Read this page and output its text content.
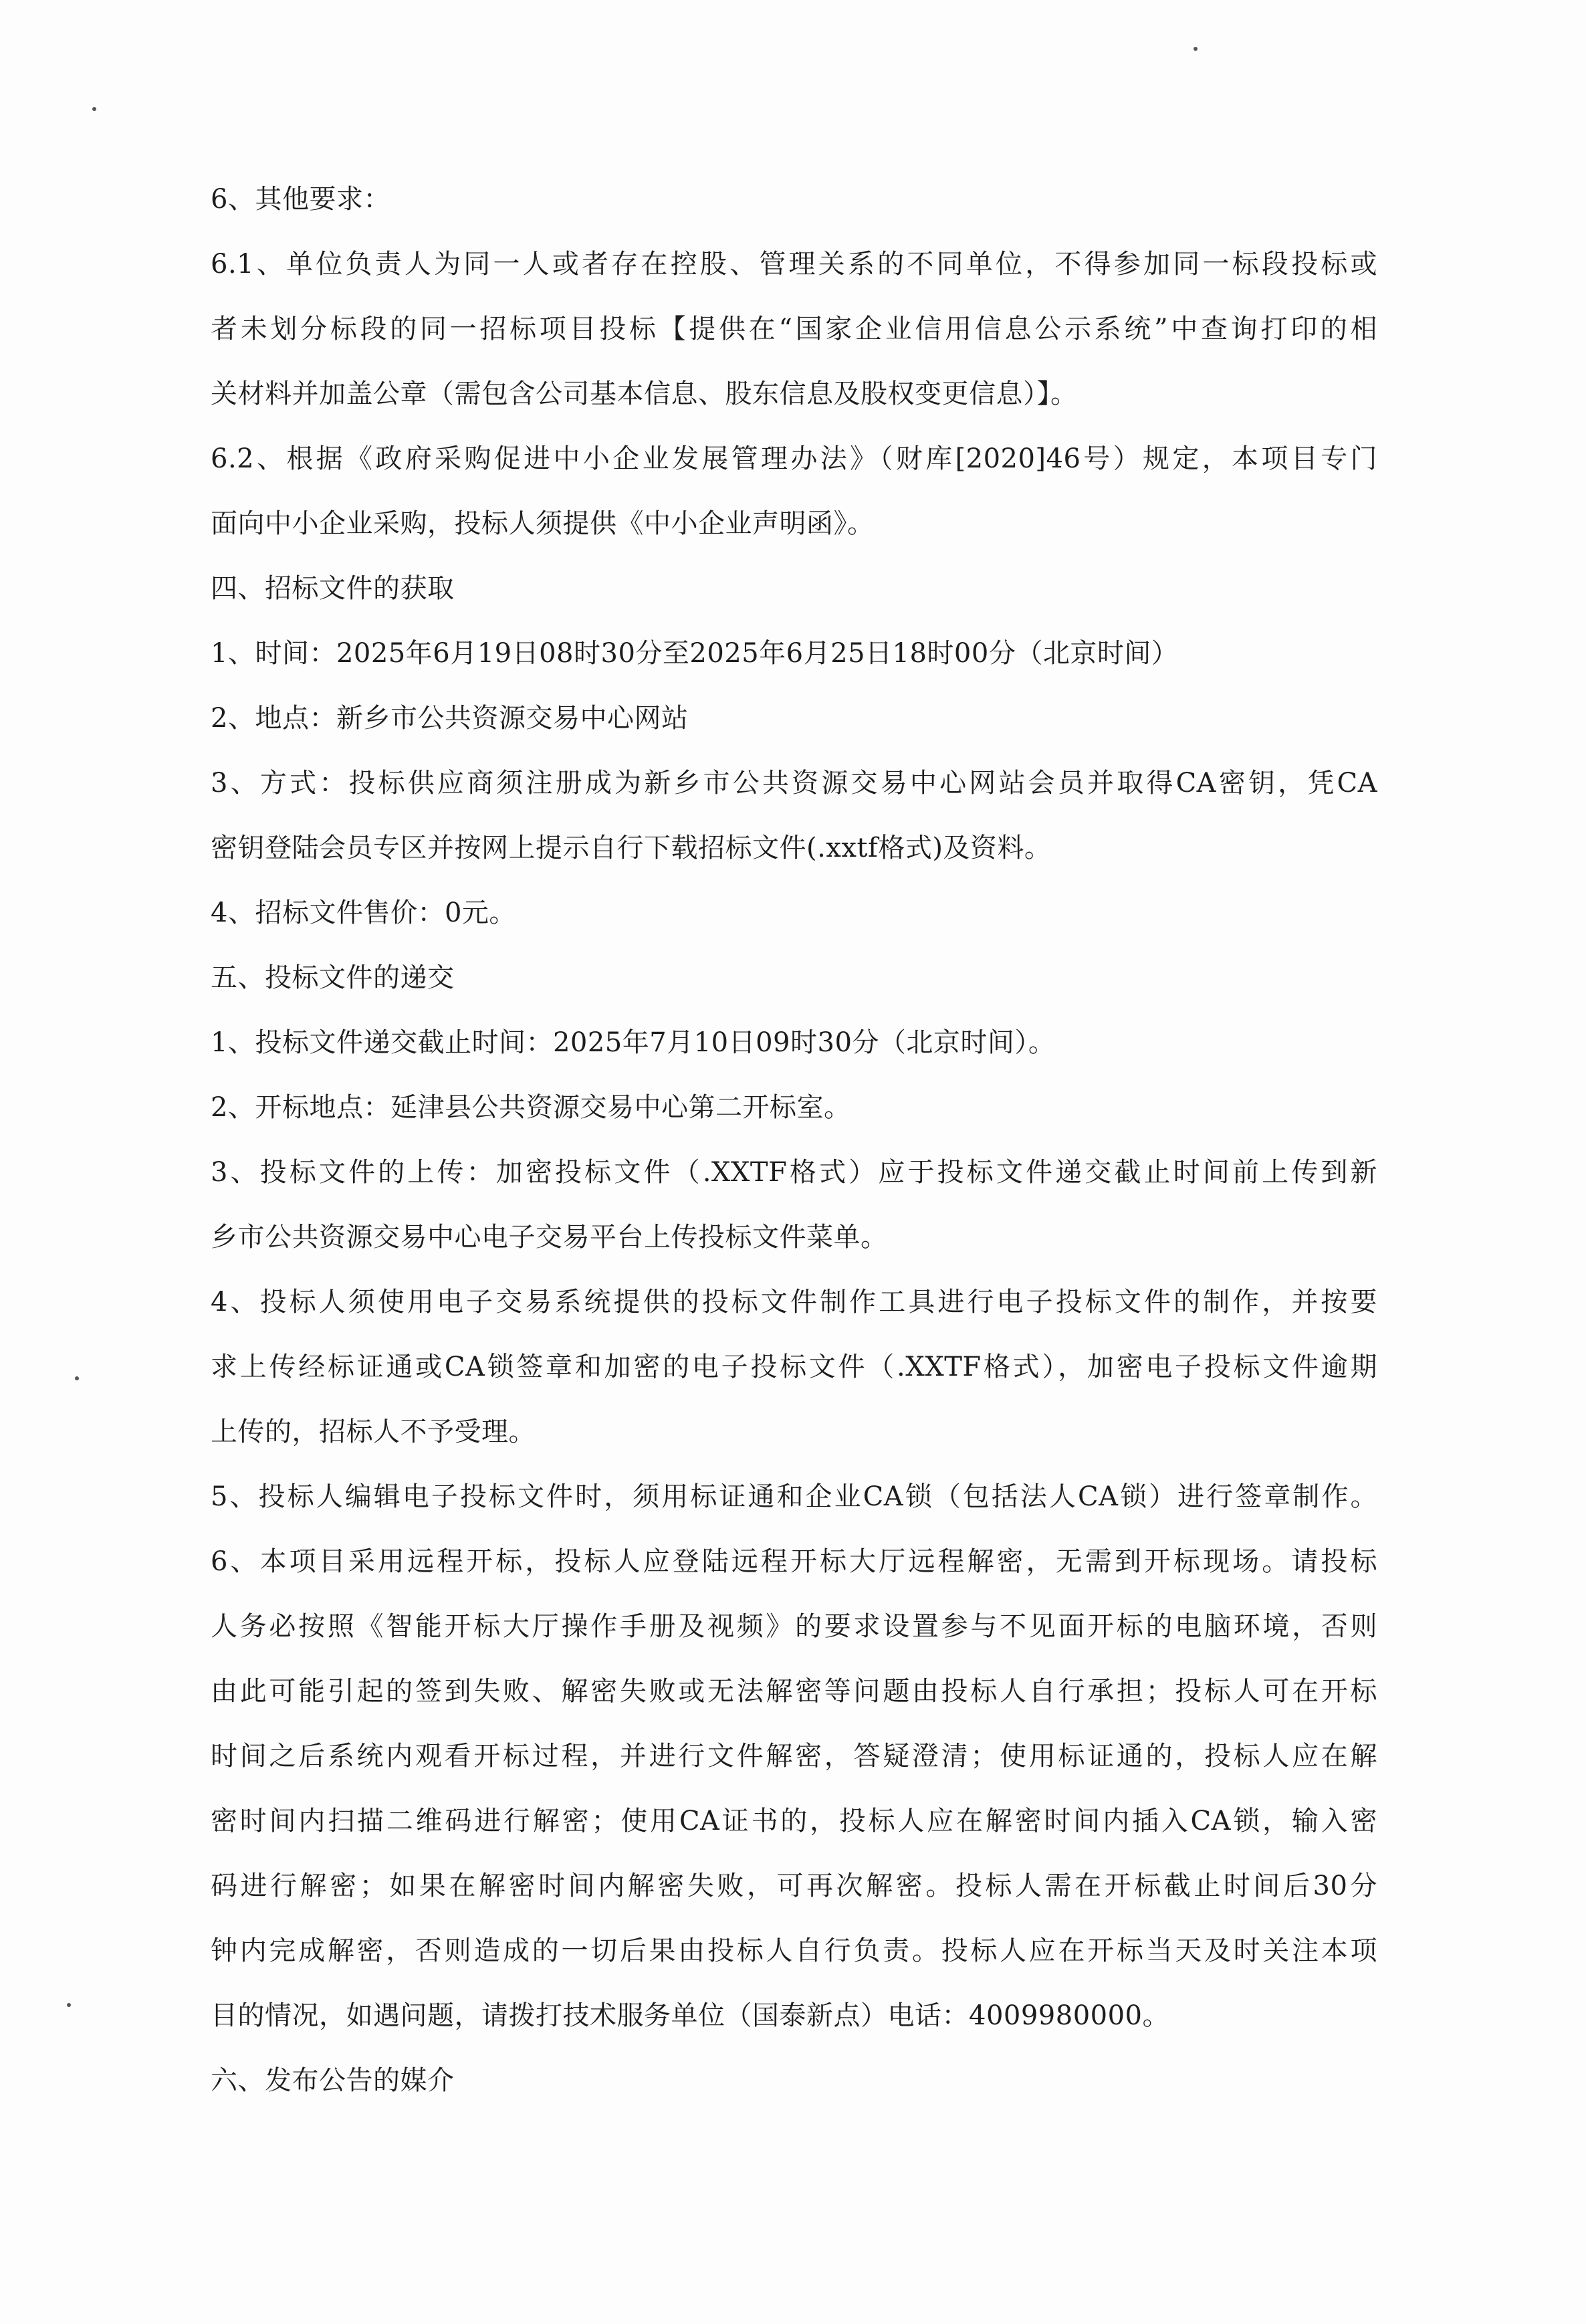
6、其他要求：
6.1、单位负责人为同一人或者存在控股、管理关系的不同单位，不得参加同一标段投标或
者未划分标段的同一招标项目投标【提供在“国家企业信用信息公示系统”中查询打印的相
关材料并加盖公章（需包含公司基本信息、股东信息及股权变更信息）】。
6.2、根据《政府采购促进中小企业发展管理办法》（财库[2020]46号）规定，本项目专门
面向中小企业采购，投标人须提供《中小企业声明函》。
四、招标文件的获取
1、时间：2025年6月19日08时30分至2025年6月25日18时00分（北京时间）
2、地点：新乡市公共资源交易中心网站
3、方式：投标供应商须注册成为新乡市公共资源交易中心网站会员并取得CA密钥，凭CA
密钥登陆会员专区并按网上提示自行下载招标文件(.xxtf格式)及资料。
4、招标文件售价：0元。
五、投标文件的递交
1、投标文件递交截止时间：2025年7月10日09时30分（北京时间）。
2、开标地点：延津县公共资源交易中心第二开标室。
3、投标文件的上传：加密投标文件（.XXTF格式）应于投标文件递交截止时间前上传到新
乡市公共资源交易中心电子交易平台上传投标文件菜单。
4、投标人须使用电子交易系统提供的投标文件制作工具进行电子投标文件的制作，并按要
求上传经标证通或CA锁签章和加密的电子投标文件（.XXTF格式），加密电子投标文件逾期
上传的，招标人不予受理。
5、投标人编辑电子投标文件时，须用标证通和企业CA锁（包括法人CA锁）进行签章制作。
6、本项目采用远程开标，投标人应登陆远程开标大厅远程解密，无需到开标现场。请投标
人务必按照《智能开标大厅操作手册及视频》的要求设置参与不见面开标的电脑环境，否则
由此可能引起的签到失败、解密失败或无法解密等问题由投标人自行承担；投标人可在开标
时间之后系统内观看开标过程，并进行文件解密，答疑澄清；使用标证通的，投标人应在解
密时间内扫描二维码进行解密；使用CA证书的，投标人应在解密时间内插入CA锁，输入密
码进行解密；如果在解密时间内解密失败，可再次解密。投标人需在开标截止时间后30分
钟内完成解密，否则造成的一切后果由投标人自行负责。投标人应在开标当天及时关注本项
目的情况，如遇问题，请拨打技术服务单位（国泰新点）电话：4009980000。
六、发布公告的媒介
